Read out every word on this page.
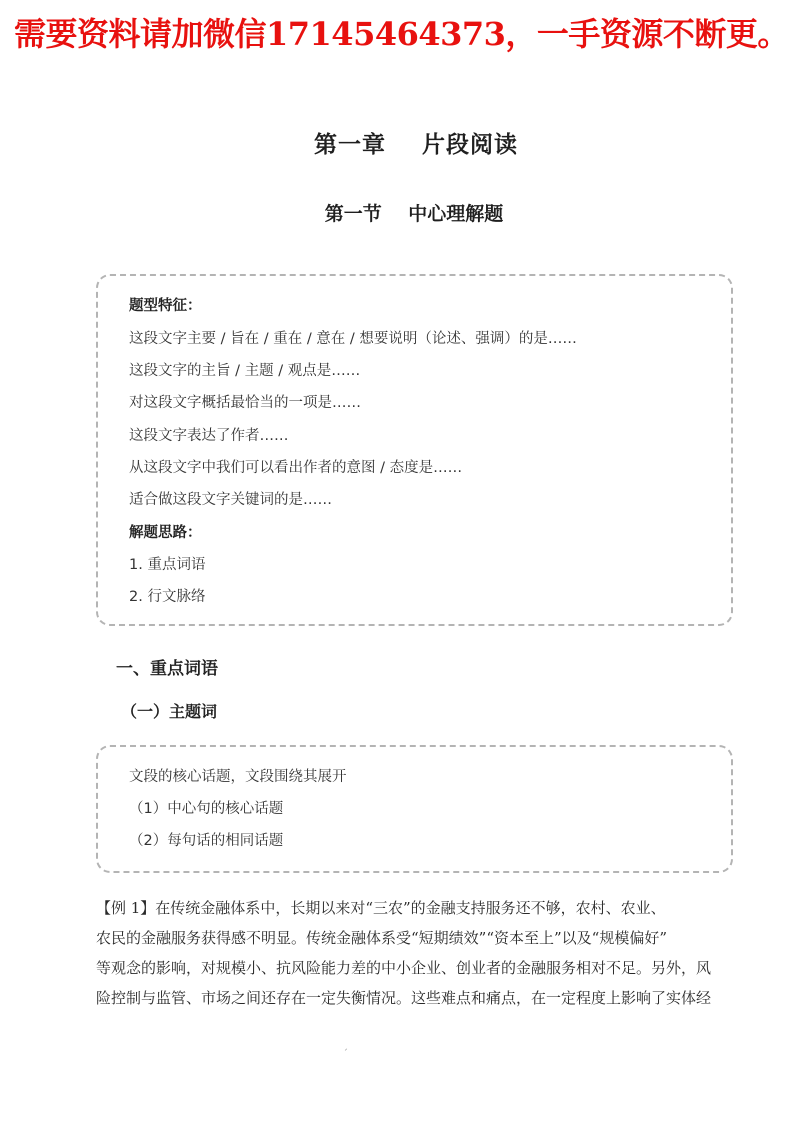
需要资料请加微信17145464373，一手资源不断更。
第一章    片段阅读
第一节    中心理解题
题型特征：
这段文字主要 / 旨在 / 重在 / 意在 / 想要说明（论述、强调）的是……
这段文字的主旨 / 主题 / 观点是……
对这段文字概括最恰当的一项是……
这段文字表达了作者……
从这段文字中我们可以看出作者的意图 / 态度是……
适合做这段文字关键词的是……
解题思路：
1. 重点词语
2. 行文脉络
一、重点词语
（一）主题词
文段的核心话题，文段围绕其展开
（1）中心句的核心话题
（2）每句话的相同话题

【例 1】在传统金融体系中，长期以来对“三农”的金融支持服务还不够，农村、农业、

农民的金融服务获得感不明显。传统金融体系受“短期绩效”“资本至上”以及“规模偏好”

等观念的影响，对规模小、抗风险能力差的中小企业、创业者的金融服务相对不足。另外，风

险控制与监管、市场之间还存在一定失衡情况。这些难点和痛点，在一定程度上影响了实体经

ˏ
